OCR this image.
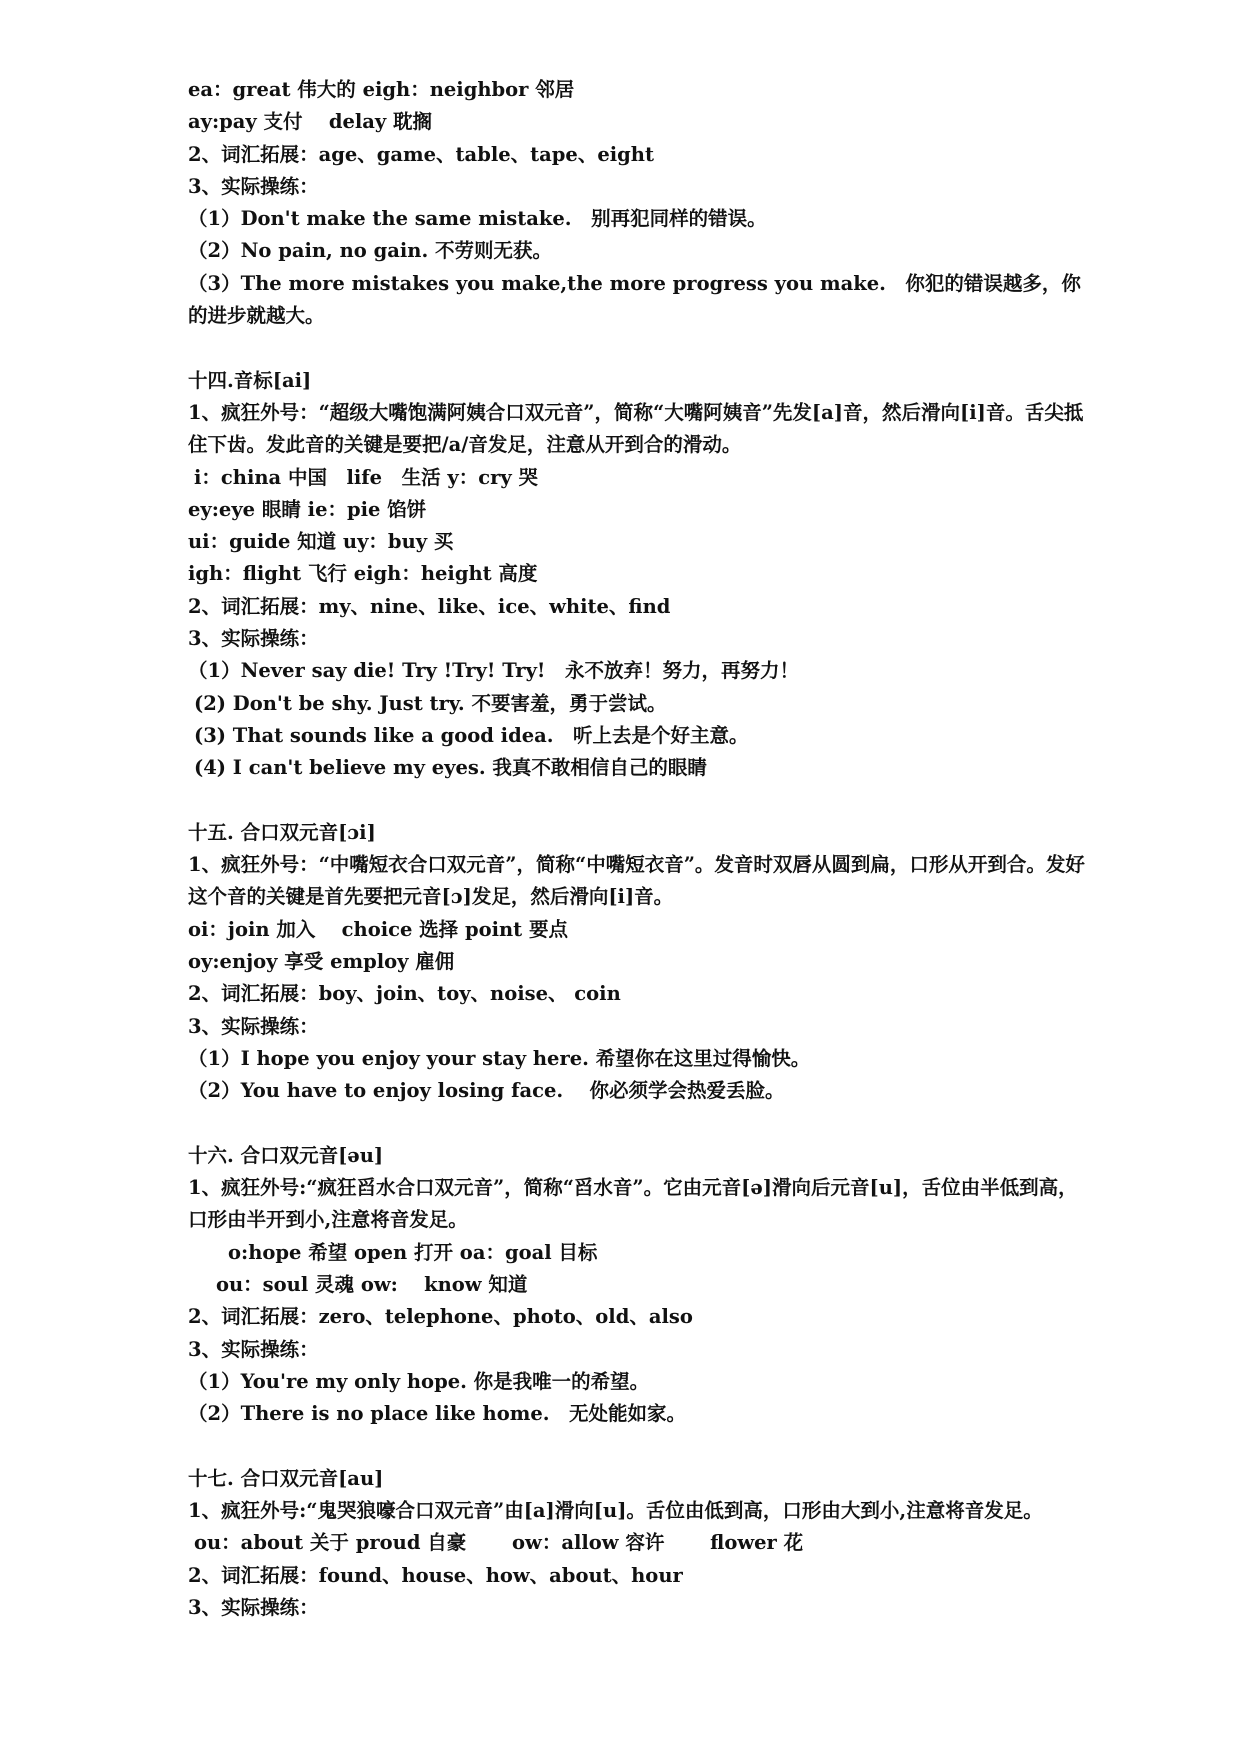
ea：great 伟大的 eigh：neighbor 邻居
ay:pay 支付　 delay 耽搁
2、词汇拓展：age、game、table、tape、eight
3、实际操练：
（1）Don't make the same mistake.　别再犯同样的错误。
（2）No pain, no gain. 不劳则无获。
（3）The more mistakes you make,the more progress you make.　你犯的错误越多，你的进步就越大。
十四.音标[ai]
1、疯狂外号：“超级大嘴饱满阿姨合口双元音”，简称“大嘴阿姨音”先发[a]音，然后滑向[i]音。舌尖抵住下齿。发此音的关键是要把/a/音发足，注意从开到合的滑动。
i：china 中国　life　生活 y：cry 哭
ey:eye 眼睛 ie：pie 馅饼
ui：guide 知道 uy：buy 买
igh：flight 飞行 eigh：height 高度
2、词汇拓展：my、nine、like、ice、white、find
3、实际操练：
（1）Never say die! Try !Try! Try!　永不放弃！努力，再努力！
(2) Don't be shy. Just try. 不要害羞，勇于尝试。
(3) That sounds like a good idea.　听上去是个好主意。
(4) I can't believe my eyes. 我真不敢相信自己的眼睛
十五. 合口双元音[ɔi]
1、疯狂外号：“中嘴短衣合口双元音”，简称“中嘴短衣音”。发音时双唇从圆到扁，口形从开到合。发好这个音的关键是首先要把元音[ɔ]发足，然后滑向[i]音。
oi：join 加入　 choice 选择 point 要点
oy:enjoy 享受 employ 雇佣
2、词汇拓展：boy、join、toy、noise、 coin
3、实际操练：
（1）I hope you enjoy your stay here. 希望你在这里过得愉快。
（2）You have to enjoy losing face.　 你必须学会热爱丢脸。
十六. 合口双元音[əu]
1、疯狂外号:“疯狂舀水合口双元音”，简称“舀水音”。它由元音[ə]滑向后元音[u]，舌位由半低到高，口形由半开到小,注意将音发足。
o:hope 希望 open 打开 oa：goal 目标
ou：soul 灵魂 ow:　 know 知道
2、词汇拓展：zero、telephone、photo、old、also
3、实际操练：
（1）You're my only hope. 你是我唯一的希望。
（2）There is no place like home.　无处能如家。
十七. 合口双元音[au]
1、疯狂外号:“鬼哭狼嚎合口双元音”由[a]滑向[u]。舌位由低到高，口形由大到小,注意将音发足。
ou：about 关于 proud 自豪　　 ow：allow 容许　　 flower 花
2、词汇拓展：found、house、how、about、hour
3、实际操练：
